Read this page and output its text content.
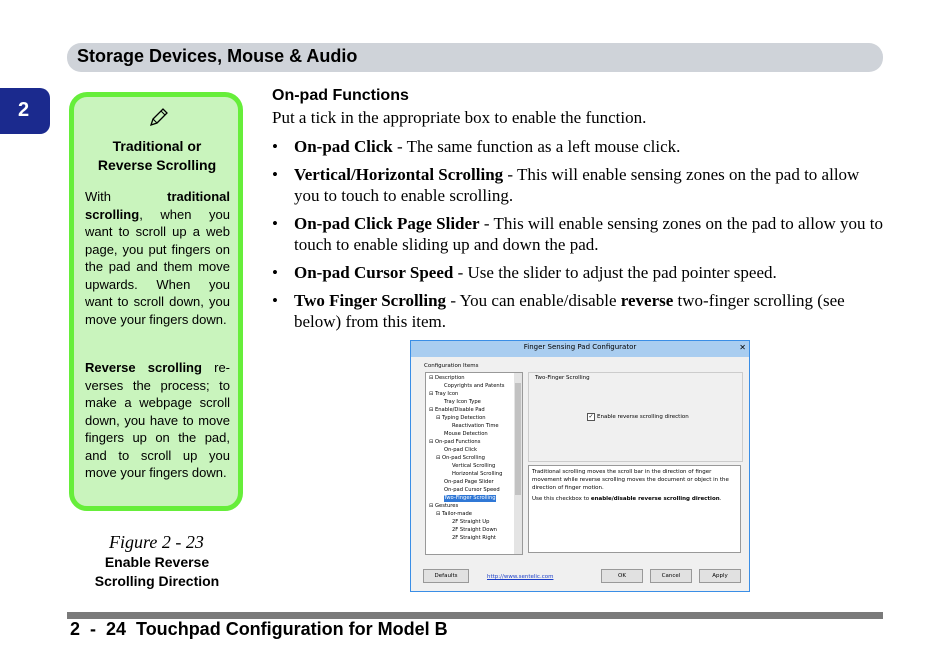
Storage Devices, Mouse & Audio
2
Traditional or
Reverse Scrolling
With	traditional scrolling, when you want to scroll up a web page, you put fingers on the pad and them move upwards. When you want to scroll down, you move your fingers down.
Reverse scrolling re-verses the process; to make a webpage scroll down, you have to move fingers up on the pad, and to scroll up you move your fingers down.
Figure 2 - 23
Enable Reverse
Scrolling Direction
On-pad Functions
Put a tick in the appropriate box to enable the function.
• On-pad Click - The same function as a left mouse click.
• Vertical/Horizontal Scrolling - This will enable sensing zones on the pad to allow you to touch to enable scrolling.
• On-pad Click Page Slider - This will enable sensing zones on the pad to allow you to touch to enable sliding up and down the pad.
• On-pad Cursor Speed - Use the slider to adjust the pad pointer speed.
• Two Finger Scrolling - You can enable/disable reverse two-finger scrolling (see below) from this item.
Finger Sensing Pad Configurator	✕
Configuration Items
⊟ Description
Copyrights and Patents
⊟ Tray Icon
Tray Icon Type
⊟ Enable/Disable Pad
⊟ Typing Detection
Reactivation Time
Mouse Detection
⊟ On-pad Functions
On-pad Click
⊟ On-pad Scrolling
Vertical Scrolling
Horizontal Scrolling
On-pad Page Slider
On-pad Cursor Speed
Two-Finger Scrolling
⊟ Gestures
⊟ Tailor-made
2F Straight Up
2F Straight Down
2F Straight Right
Two-Finger Scrolling
✓ Enable reverse scrolling direction
Traditional scrolling moves the scroll bar in the direction of finger movement while reverse scrolling moves the document or object in the direction of finger motion.
Use this checkbox to enable/disable reverse scrolling direction.
Defaults	http://www.sentelic.com	OK	Cancel	Apply
2  -  24  Touchpad Configuration for Model B
